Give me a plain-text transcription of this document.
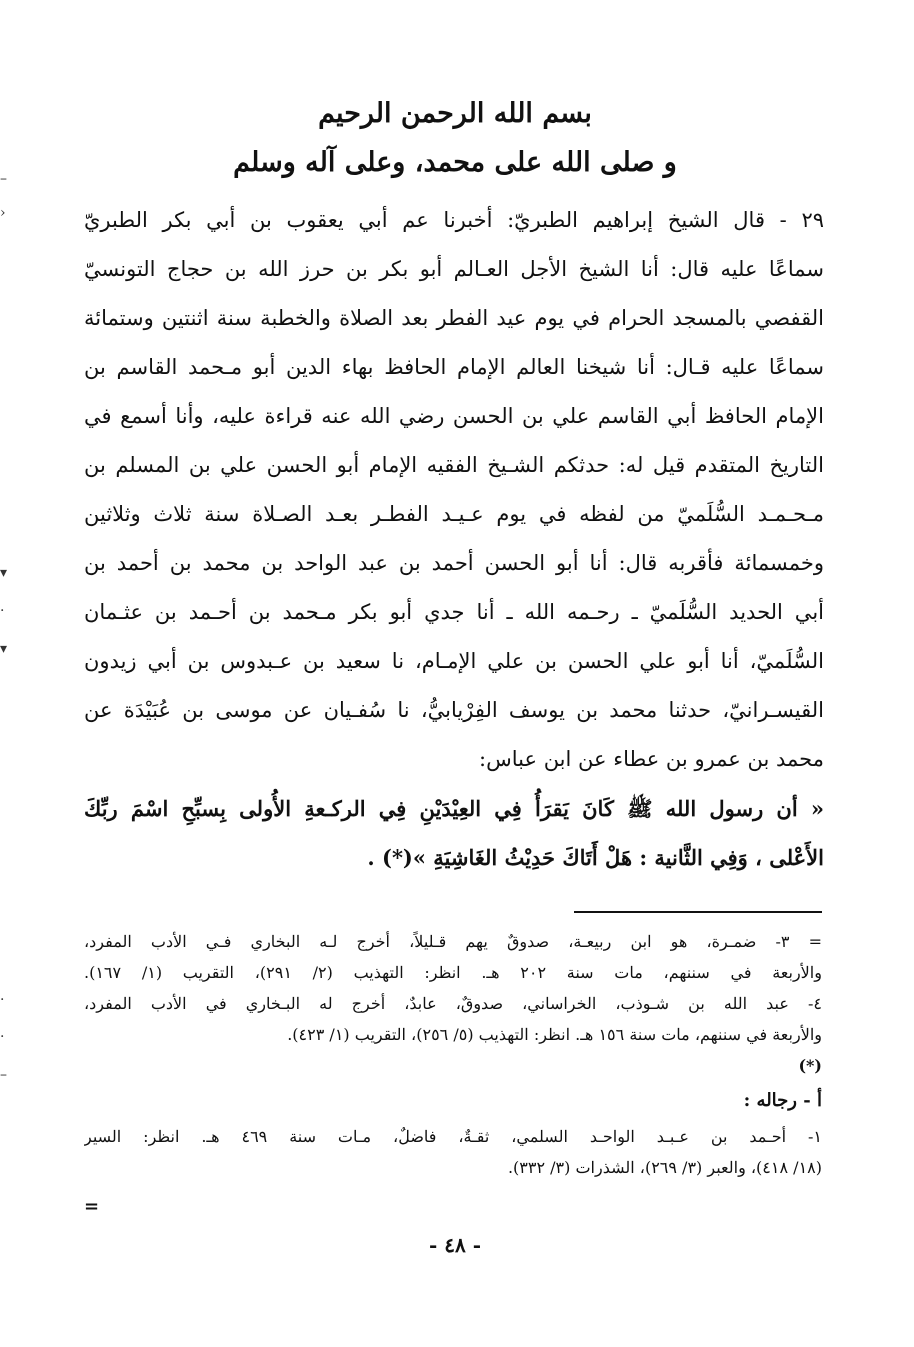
بسم الله الرحمن الرحيم
و صلى الله على محمد، وعلى آله وسلم
٢٩ - قال الشيخ إبراهيم الطبريّ: أخبرنا عم أبي يعقوب بن أبي بكر الطبريّ
سماعًا عليه قال: أنا الشيخ الأجل العـالم أبو بكر بن حرز الله بن حجاج التونسيّ
القفصي بالمسجد الحرام في يوم عيد الفطر بعد الصلاة والخطبة سنة اثنتين وستمائة
سماعًا عليه قـال: أنا شيخنا العالم الإمام الحافظ بهاء الدين أبو مـحمد القاسم بن
الإمام الحافظ أبي القاسم علي بن الحسن رضي الله عنه قراءة عليه، وأنا أسمع في
التاريخ المتقدم قيل له: حدثكم الشـيخ الفقيه الإمام أبو الحسن علي بن المسلم بن
مـحـمـد السُّلَميّ من لفظه في يوم عـيـد الفطـر بعـد الصـلاة سنة ثلاث وثلاثين
وخمسمائة فأقربه قال: أنا أبو الحسن أحمد بن عبد الواحد بن محمد بن أحمد بن
أبي الحديد السُّلَميّ ـ رحـمه الله ـ أنا جدي أبو بكر مـحمد بن أحـمد بن عثـمان
السُّلَميّ، أنا أبو علي الحسن بن علي الإمـام، نا سعيد بن عـبدوس بن أبي زيدون
القيسـرانيّ، حدثنا محمد بن يوسف الفِرْيابيُّ، نا سُفـيان عن موسى بن عُبَيْدَة عن
محمد بن عمرو بن عطاء عن ابن عباس:
« أن رسول الله ﷺ كَانَ يَقرَأُ فِي العِيْدَيْنِ فِي الركـعةِ الأُولى بِسبِّحِ اسْمَ ربِّكَ
الأَعْلى ، وَفِي الثَّانية : هَلْ أَتَاكَ حَدِيْثُ الغَاشِيَةِ »(*) .
= ٣- ضمـرة، هو ابن ربيعـة، صدوقٌ يهم قـليلاً، أخرج لـه البخاري فـي الأدب المفرد،
والأربعة في سننهم، مات سنة ٢٠٢ هـ. انظر: التهذيب (٢/ ٢٩١)، التقريب (١/ ١٦٧).
٤- عبد الله بن شـوذب، الخراساني، صدوقٌ، عابدٌ، أخرج له البـخاري في الأدب المفرد،
والأربعة في سننهم، مات سنة ١٥٦ هـ. انظر: التهذيب (٥/ ٢٥٦)، التقريب (١/ ٤٢٣).
(*)
أ - رجاله :
١- أحـمد بن عـبـد الواحـد السلمي، ثقـةٌ، فاضلٌ، مـات سنة ٤٦٩ هـ. انظر: السير
(١٨/ ٤١٨)، والعبر (٣/ ٢٦٩)، الشذرات (٣/ ٣٣٢).
=
- ٤٨ -
–
›
▾
·
▾
·
·
–
